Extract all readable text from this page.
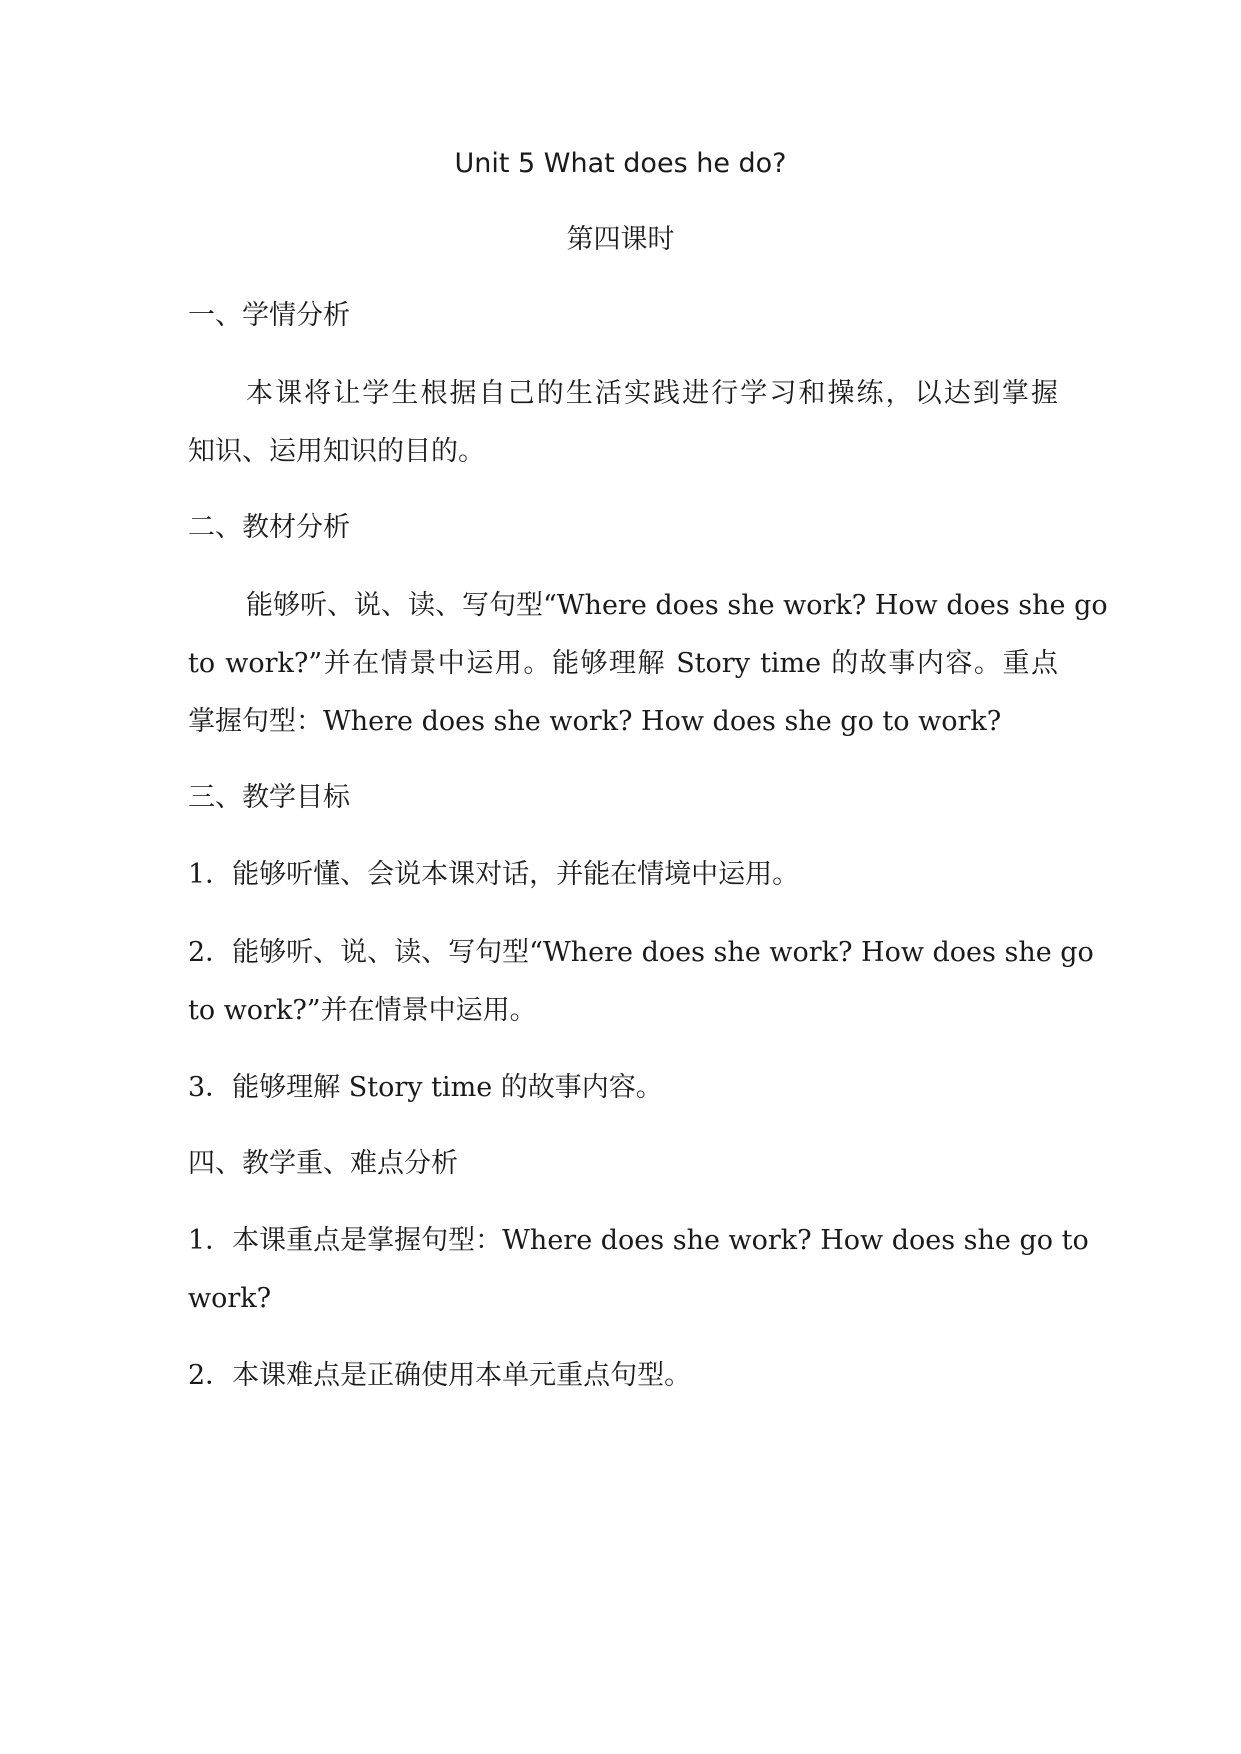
Unit 5 What does he do?
第四课时
一、学情分析
本课将让学生根据自己的生活实践进行学习和操练，以达到掌握
知识、运用知识的目的。
二、教材分析
能够听、说、读、写句型“Where does she work? How does she go
to work?”并在情景中运用。能够理解 Story time 的故事内容。重点
掌握句型：Where does she work? How does she go to work?
三、教学目标
1．能够听懂、会说本课对话，并能在情境中运用。
2．能够听、说、读、写句型“Where does she work? How does she go
to work?”并在情景中运用。
3．能够理解 Story time 的故事内容。
四、教学重、难点分析
1．本课重点是掌握句型：Where does she work? How does she go to
work?
2．本课难点是正确使用本单元重点句型。
